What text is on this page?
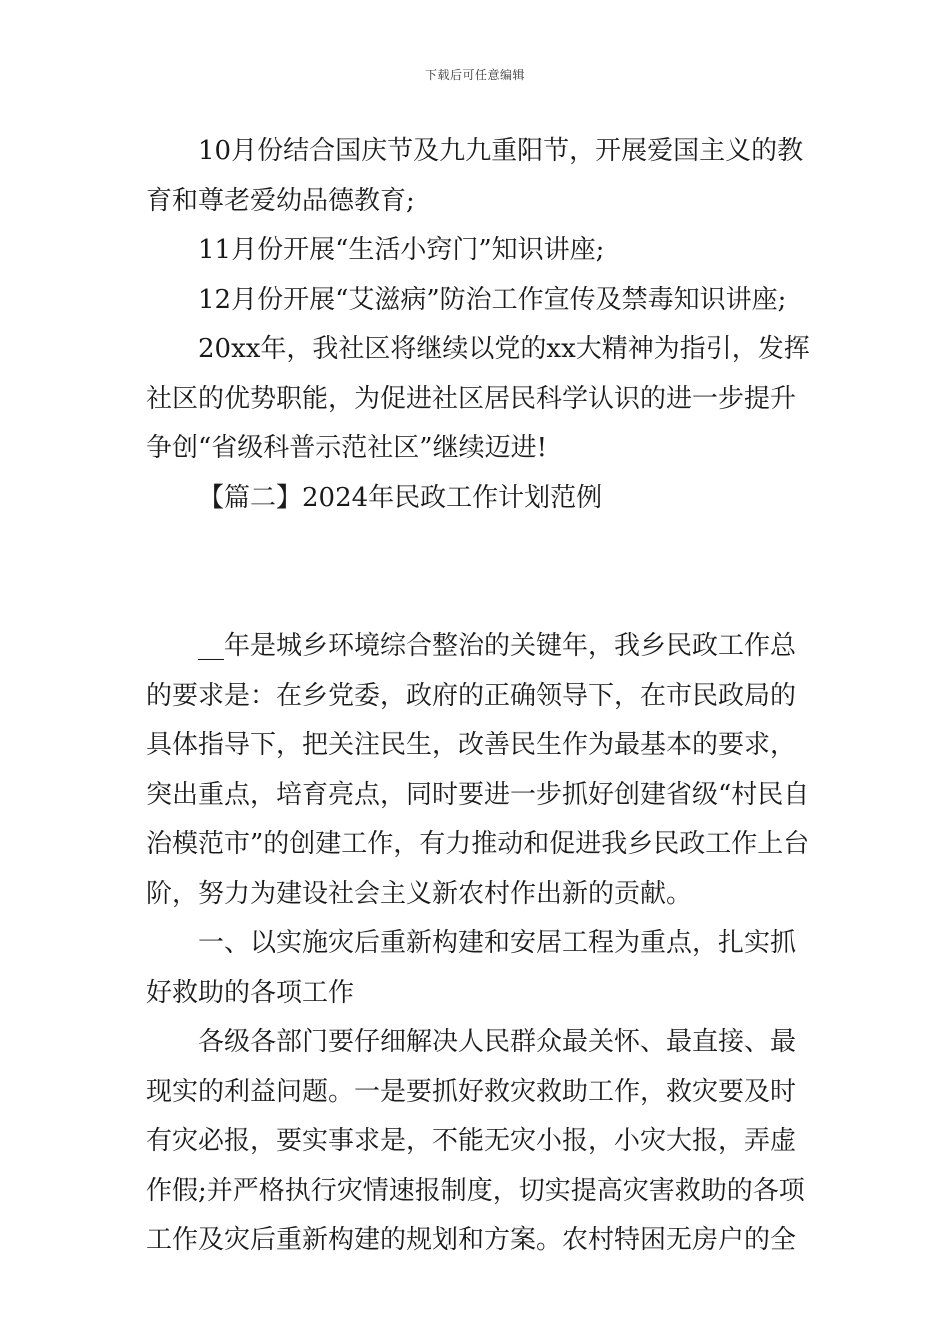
下载后可任意编辑

10月份结合国庆节及九九重阳节，开展爱国主义的教育和尊老爱幼品德教育;

11月份开展“生活小窍门”知识讲座;

12月份开展“艾滋病”防治工作宣传及禁毒知识讲座;

20xx年，我社区将继续以党的xx大精神为指引，发挥社区的优势职能，为促进社区居民科学认识的进一步提升争创“省级科普示范社区”继续迈进!

【篇二】2024年民政工作计划范例

__年是城乡环境综合整治的关键年，我乡民政工作总的要求是：在乡党委，政府的正确领导下，在市民政局的具体指导下，把关注民生，改善民生作为最基本的要求，突出重点，培育亮点，同时要进一步抓好创建省级“村民自治模范市”的创建工作，有力推动和促进我乡民政工作上台阶，努力为建设社会主义新农村作出新的贡献。

一、以实施灾后重新构建和安居工程为重点，扎实抓好救助的各项工作

各级各部门要仔细解决人民群众最关怀、最直接、最现实的利益问题。一是要抓好救灾救助工作，救灾要及时有灾必报，要实事求是，不能无灾小报，小灾大报，弄虚作假;并严格执行灾情速报制度，切实提高灾害救助的各项工作及灾后重新构建的规划和方案。农村特困无房户的全
